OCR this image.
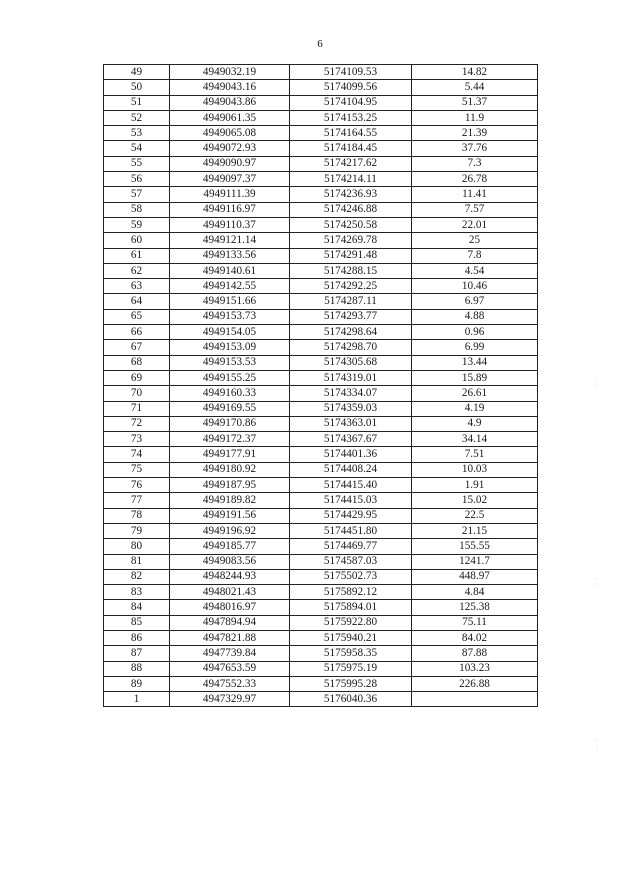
6
49	4949032.19	5174109.53	14.82
50	4949043.16	5174099.56	5.44
51	4949043.86	5174104.95	51.37
52	4949061.35	5174153.25	11.9
53	4949065.08	5174164.55	21.39
54	4949072.93	5174184.45	37.76
55	4949090.97	5174217.62	7.3
56	4949097.37	5174214.11	26.78
57	4949111.39	5174236.93	11.41
58	4949116.97	5174246.88	7.57
59	4949110.37	5174250.58	22.01
60	4949121.14	5174269.78	25
61	4949133.56	5174291.48	7.8
62	4949140.61	5174288.15	4.54
63	4949142.55	5174292.25	10.46
64	4949151.66	5174287.11	6.97
65	4949153.73	5174293.77	4.88
66	4949154.05	5174298.64	0.96
67	4949153.09	5174298.70	6.99
68	4949153.53	5174305.68	13.44
69	4949155.25	5174319.01	15.89
70	4949160.33	5174334.07	26.61
71	4949169.55	5174359.03	4.19
72	4949170.86	5174363.01	4.9
73	4949172.37	5174367.67	34.14
74	4949177.91	5174401.36	7.51
75	4949180.92	5174408.24	10.03
76	4949187.95	5174415.40	1.91
77	4949189.82	5174415.03	15.02
78	4949191.56	5174429.95	22.5
79	4949196.92	5174451.80	21.15
80	4949185.77	5174469.77	155.55
81	4949083.56	5174587.03	1241.7
82	4948244.93	5175502.73	448.97
83	4948021.43	5175892.12	4.84
84	4948016.97	5175894.01	125.38
85	4947894.94	5175922.80	75.11
86	4947821.88	5175940.21	84.02
87	4947739.84	5175958.35	87.88
88	4947653.59	5175975.19	103.23
89	4947552.33	5175995.28	226.88
1	4947329.97	5176040.36	
·
·
·
·
·
·
